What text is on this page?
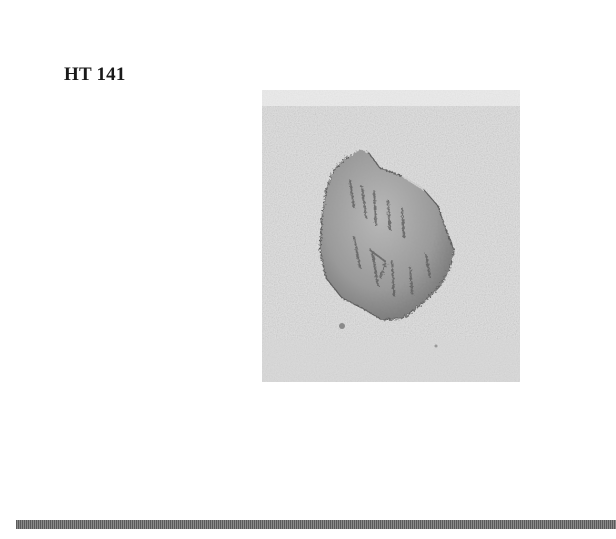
HT 141
